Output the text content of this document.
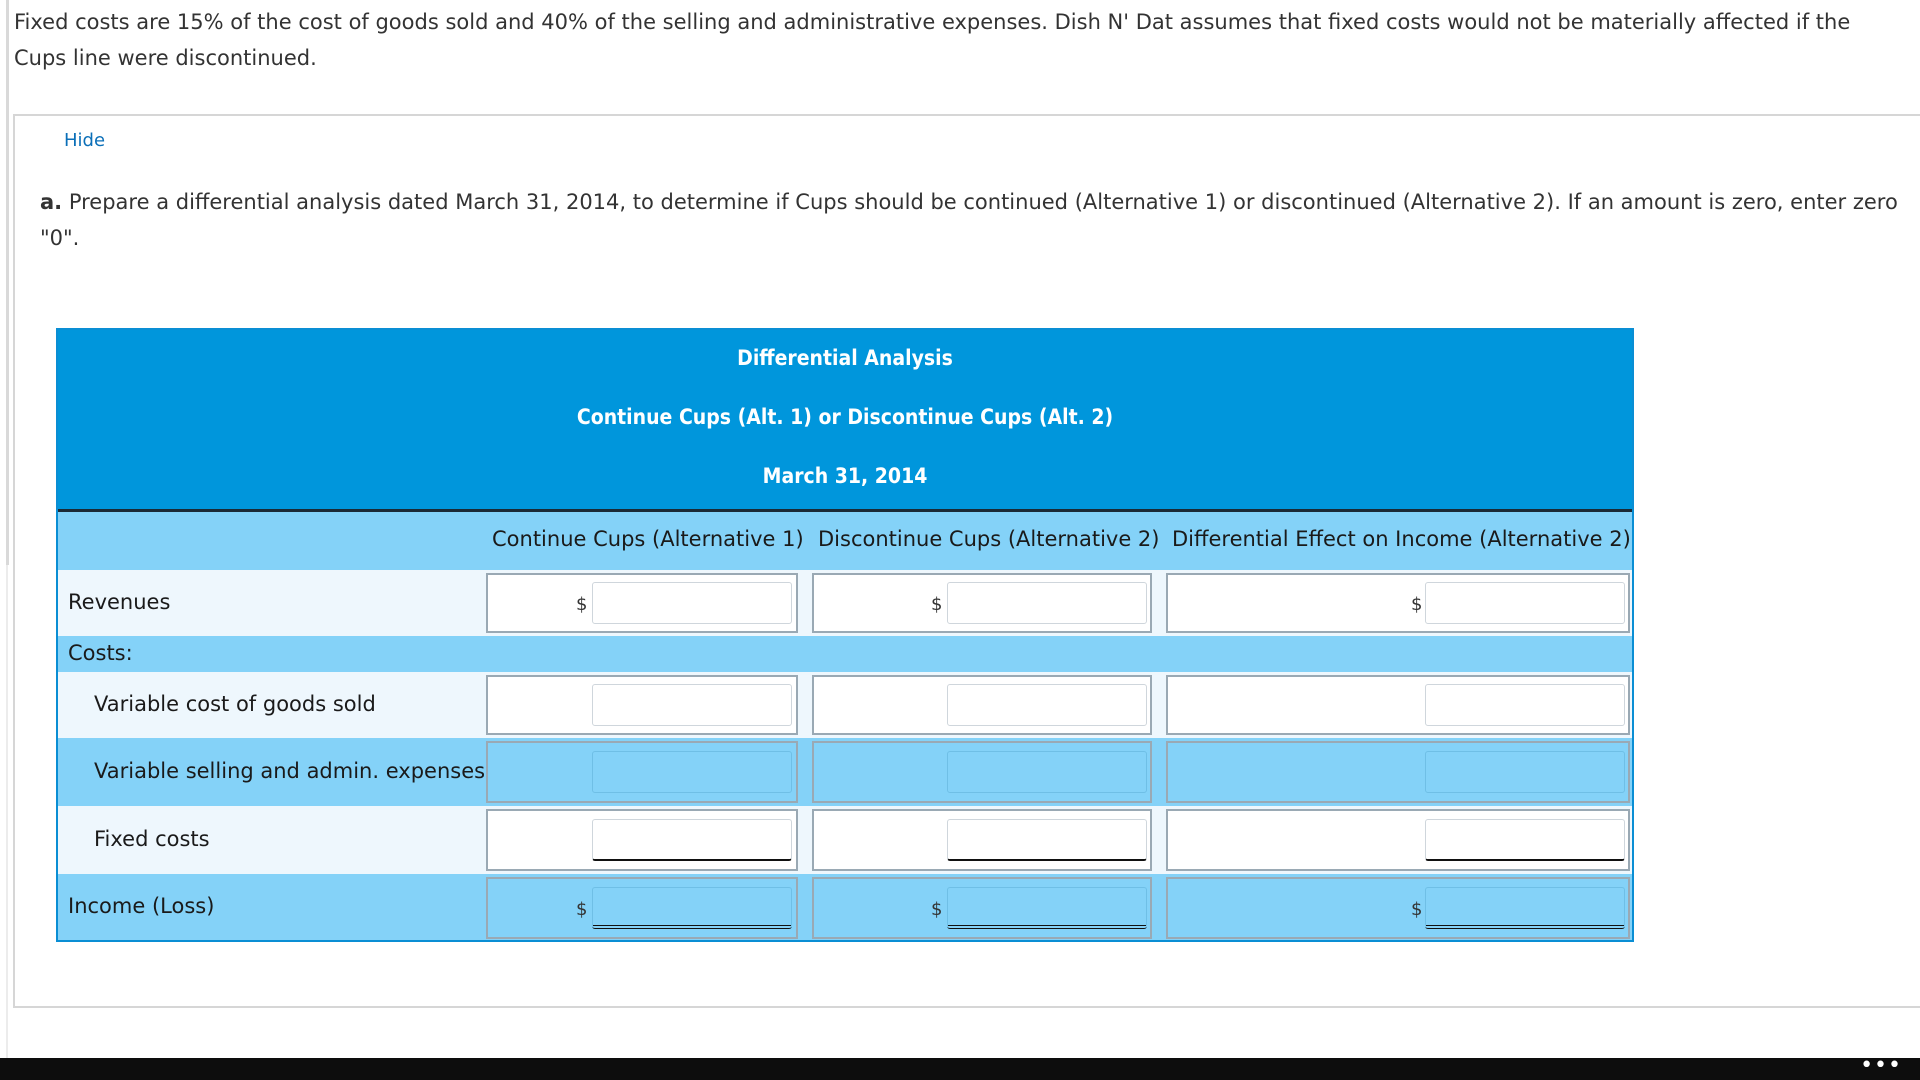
Fixed costs are 15% of the cost of goods sold and 40% of the selling and administrative expenses. Dish N' Dat assumes that fixed costs would not be materially affected if the Cups line were discontinued.
Hide
a. Prepare a differential analysis dated March 31, 2014, to determine if Cups should be continued (Alternative 1) or discontinued (Alternative 2). If an amount is zero, enter zero "0".
Differential Analysis
Continue Cups (Alt. 1) or Discontinue Cups (Alt. 2)
March 31, 2014
Continue Cups (Alternative 1) Discontinue Cups (Alternative 2) Differential Effect on Income (Alternative 2)
Revenues	$	$	$
Costs:
Variable cost of goods sold
Variable selling and admin. expenses
Fixed costs
Income (Loss)	$	$	$
•••
